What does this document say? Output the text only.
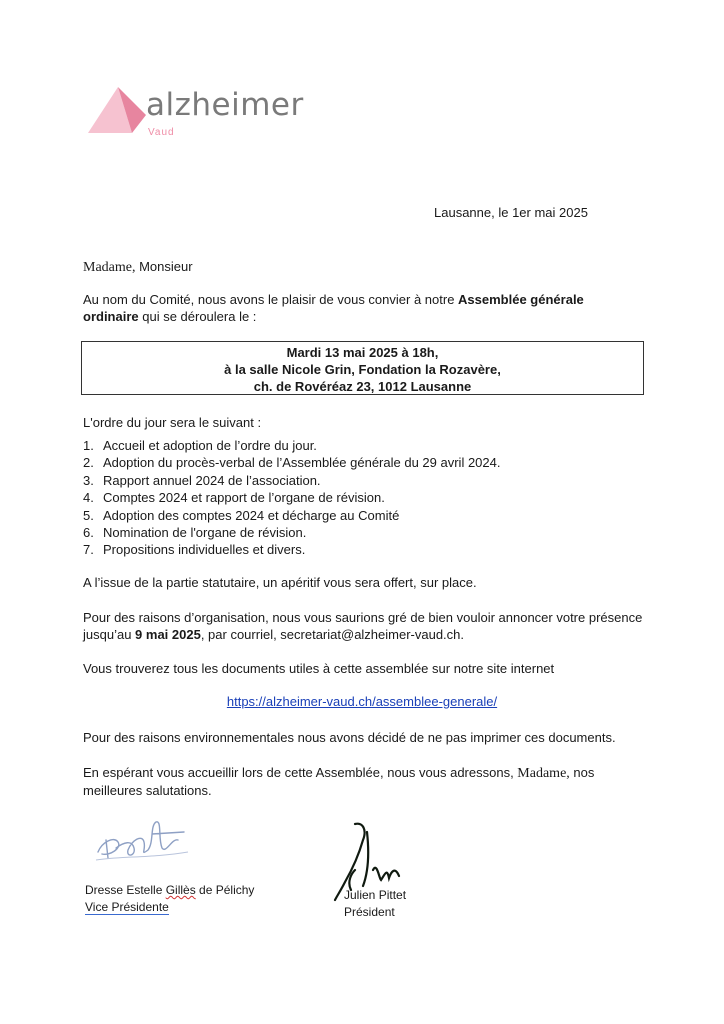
alzheimer
Vaud
Lausanne, le 1er mai 2025
Madame, Monsieur
Au nom du Comité, nous avons le plaisir de vous convier à notre Assemblée générale ordinaire qui se déroulera le :
Mardi 13 mai 2025 à 18h,
à la salle Nicole Grin, Fondation la Rozavère,
ch. de Rovéréaz 23, 1012 Lausanne
L'ordre du jour sera le suivant :
1. Accueil et adoption de l’ordre du jour.
2. Adoption du procès-verbal de l’Assemblée générale du 29 avril 2024.
3. Rapport annuel 2024 de l’association.
4. Comptes 2024 et rapport de l’organe de révision.
5. Adoption des comptes 2024 et décharge au Comité
6. Nomination de l'organe de révision.
7. Propositions individuelles et divers.
A l’issue de la partie statutaire, un apéritif vous sera offert, sur place.
Pour des raisons d’organisation, nous vous saurions gré de bien vouloir annoncer votre présence jusqu’au 9 mai 2025, par courriel, secretariat@alzheimer-vaud.ch.
Vous trouverez tous les documents utiles à cette assemblée sur notre site internet
https://alzheimer-vaud.ch/assemblee-generale/
Pour des raisons environnementales nous avons décidé de ne pas imprimer ces documents.
En espérant vous accueillir lors de cette Assemblée, nous vous adressons, Madame, nos meilleures salutations.
Dresse Estelle Gillès de Pélichy
Vice Présidente
Julien Pittet
Président
